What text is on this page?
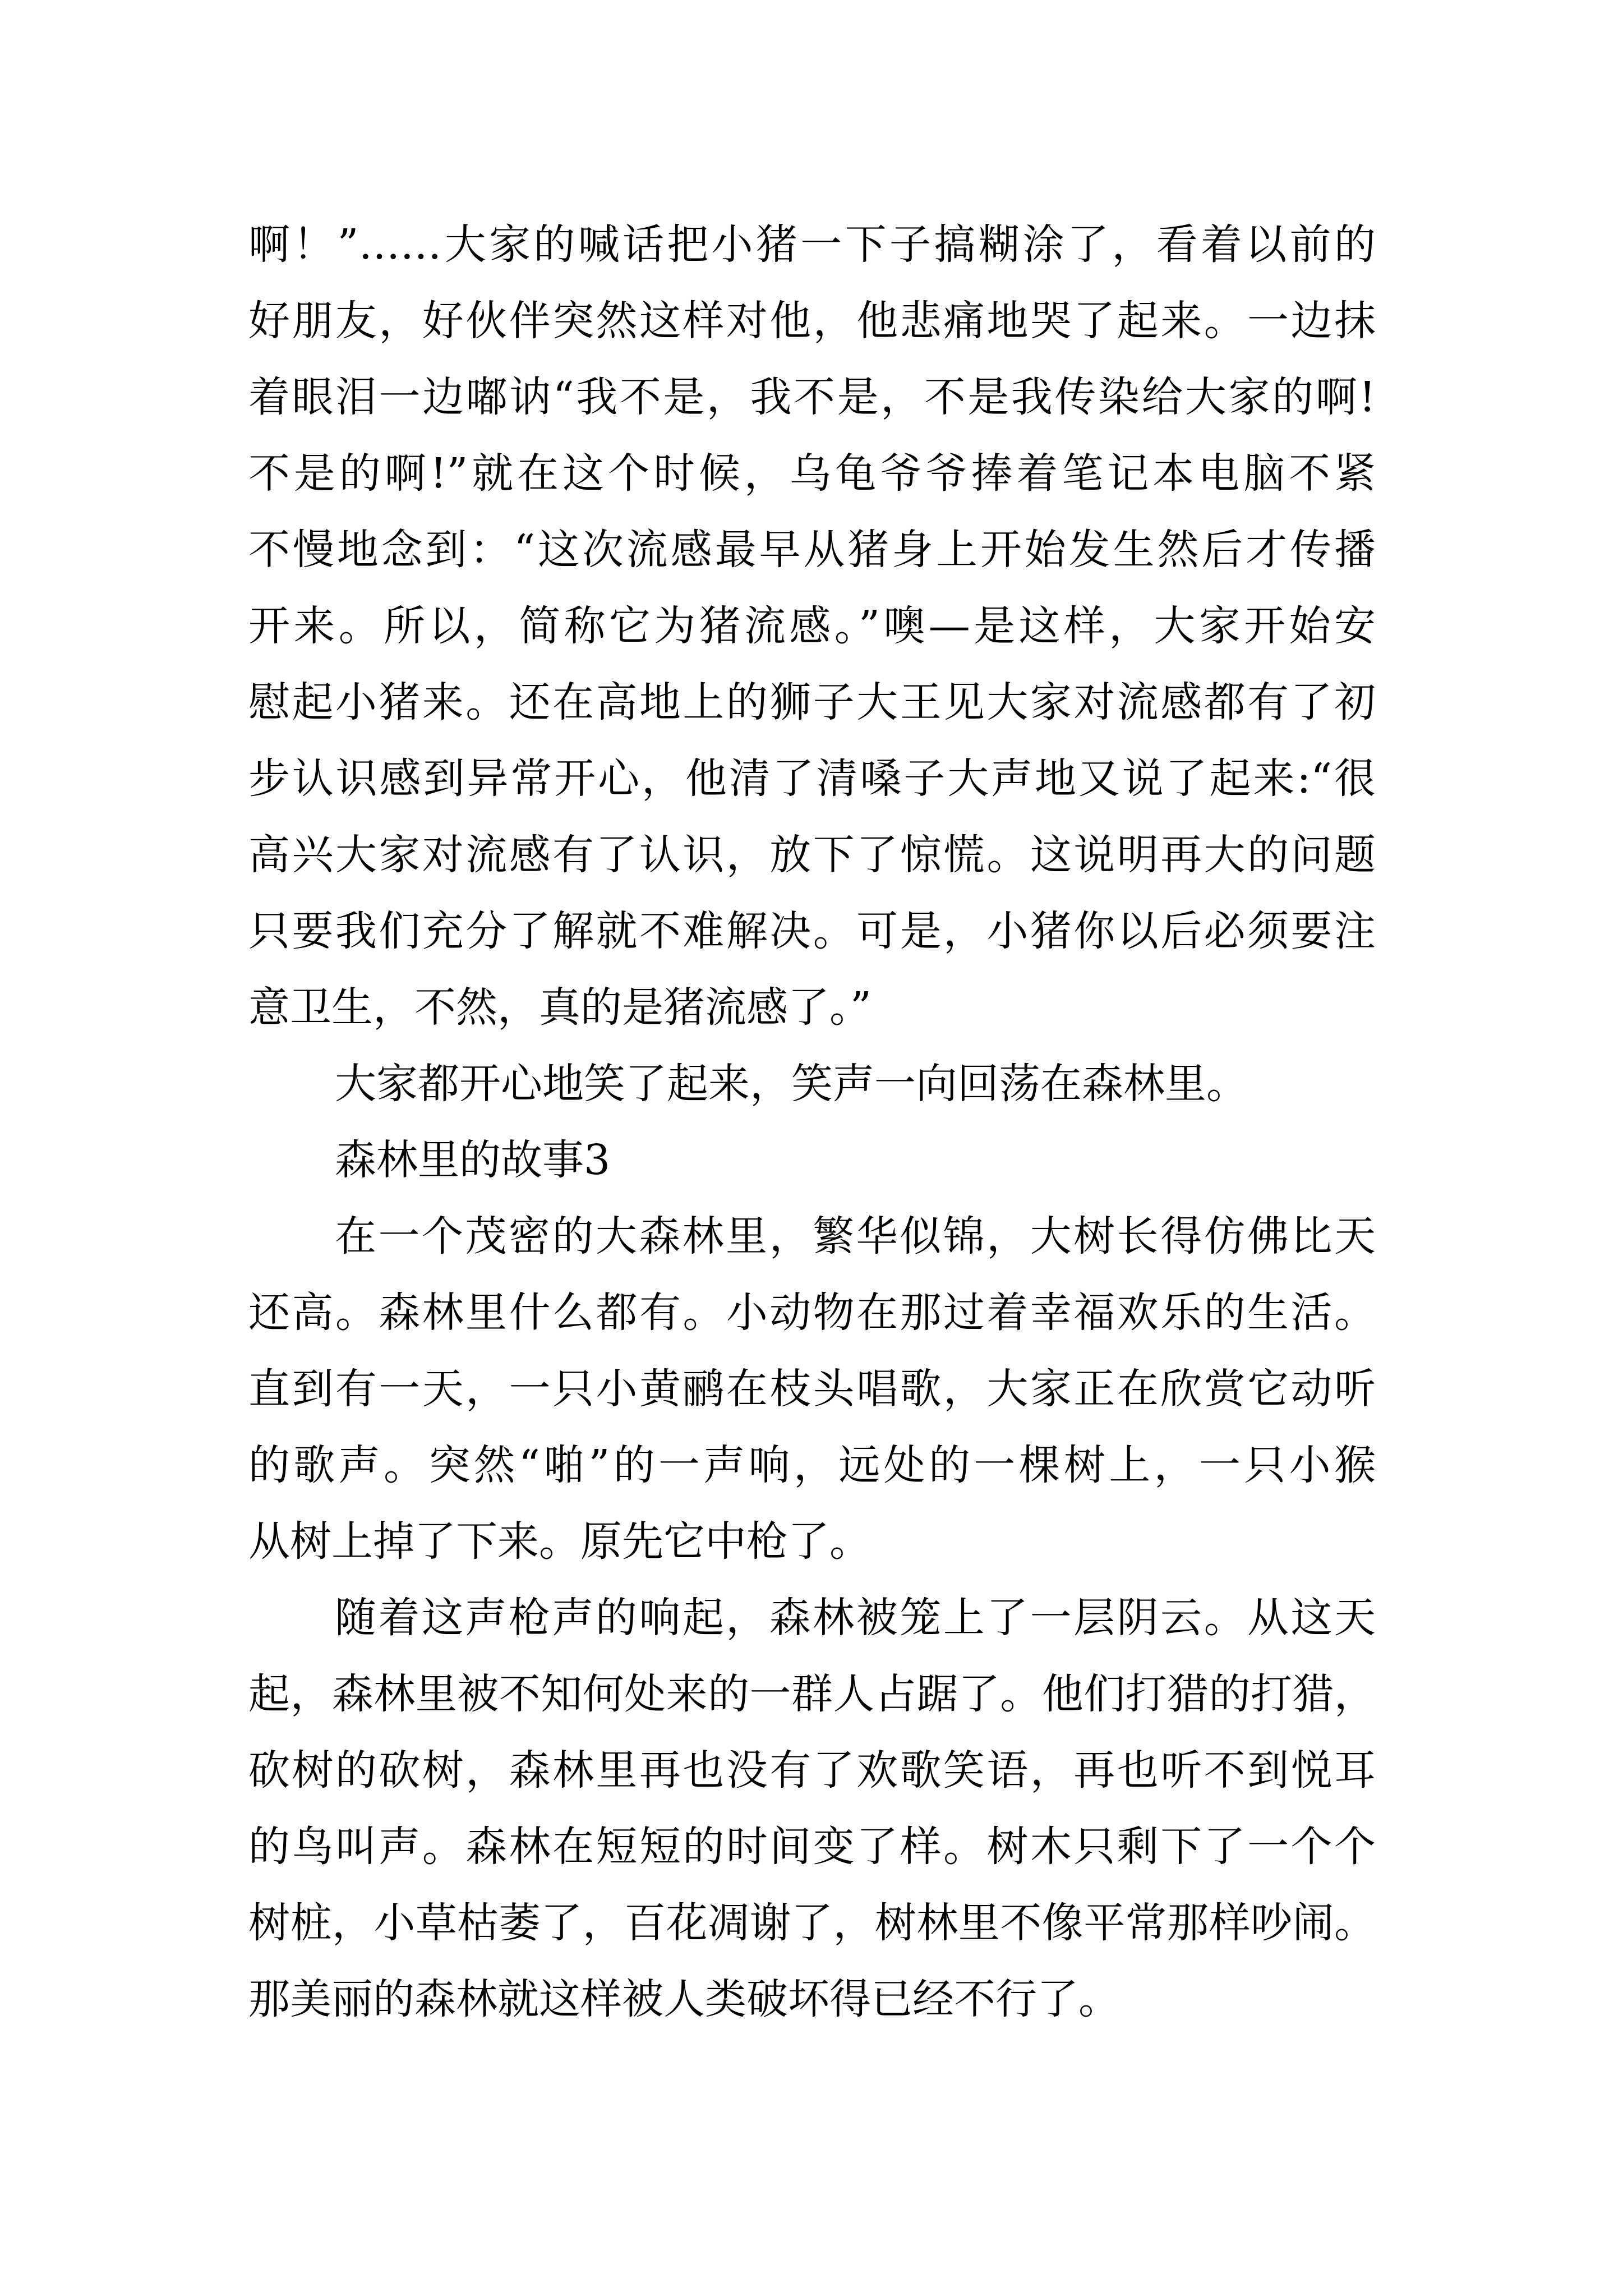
啊！”……大家的喊话把小猪一下子搞糊涂了，看着以前的
好朋友，好伙伴突然这样对他，他悲痛地哭了起来。一边抹
着眼泪一边嘟讷“我不是，我不是，不是我传染给大家的啊!
不是的啊!”就在这个时候，乌龟爷爷捧着笔记本电脑不紧
不慢地念到：“这次流感最早从猪身上开始发生然后才传播
开来。所以，简称它为猪流感。”噢—是这样，大家开始安
慰起小猪来。还在高地上的狮子大王见大家对流感都有了初
步认识感到异常开心，他清了清嗓子大声地又说了起来:“很
高兴大家对流感有了认识，放下了惊慌。这说明再大的问题
只要我们充分了解就不难解决。可是，小猪你以后必须要注
意卫生，不然，真的是猪流感了。”
大家都开心地笑了起来，笑声一向回荡在森林里。
森林里的故事3
在一个茂密的大森林里，繁华似锦，大树长得仿佛比天
还高。森林里什么都有。小动物在那过着幸福欢乐的生活。
直到有一天，一只小黄鹂在枝头唱歌，大家正在欣赏它动听
的歌声。突然“啪”的一声响，远处的一棵树上，一只小猴
从树上掉了下来。原先它中枪了。
随着这声枪声的响起，森林被笼上了一层阴云。从这天
起，森林里被不知何处来的一群人占踞了。他们打猎的打猎，
砍树的砍树，森林里再也没有了欢歌笑语，再也听不到悦耳
的鸟叫声。森林在短短的时间变了样。树木只剩下了一个个
树桩，小草枯萎了，百花凋谢了，树林里不像平常那样吵闹。
那美丽的森林就这样被人类破坏得已经不行了。
